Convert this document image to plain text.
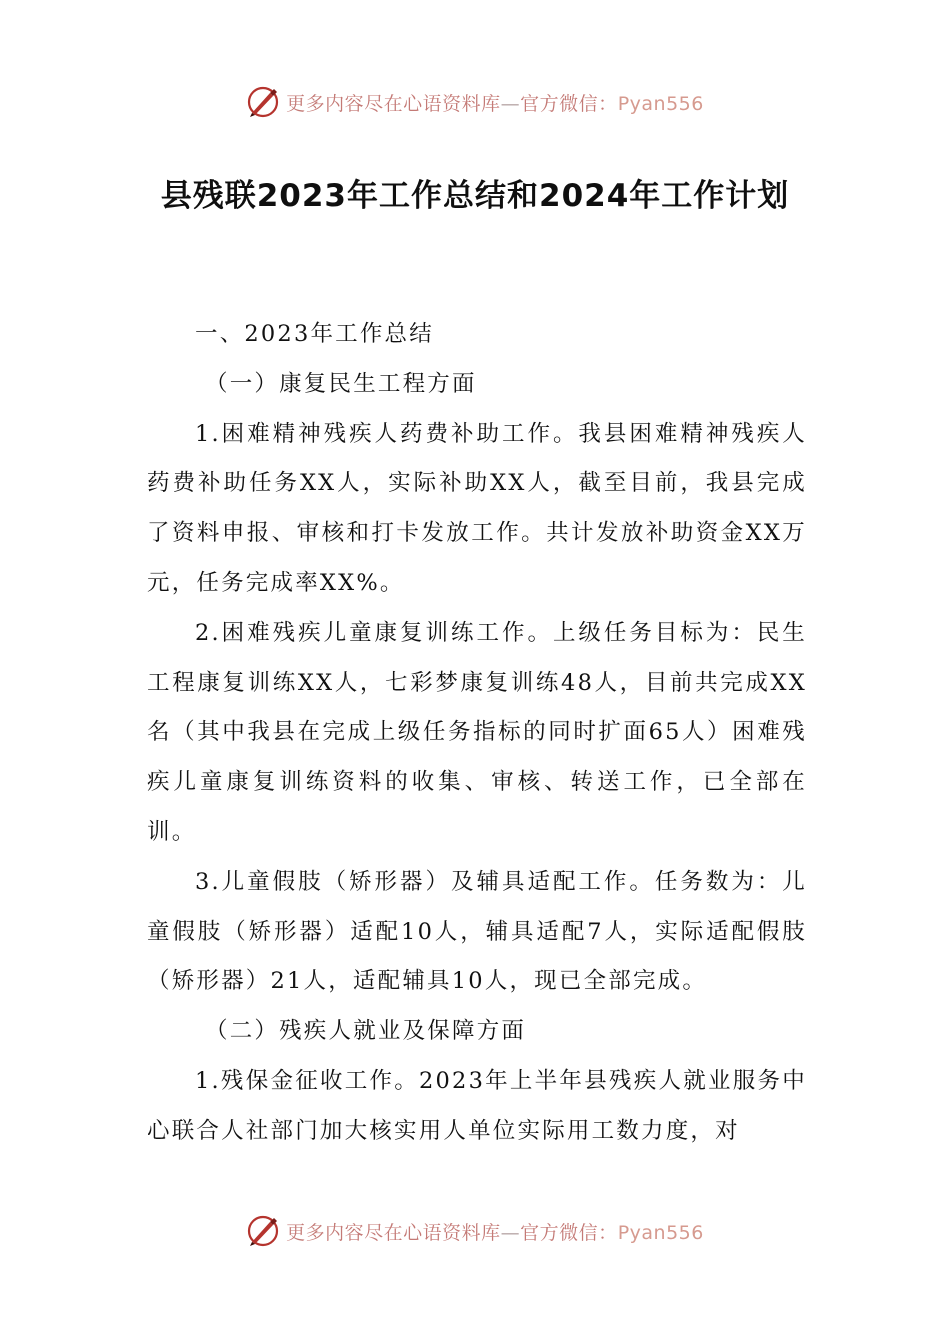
更多内容尽在心语资料库—官方微信：Pyan556
县残联2023年工作总结和2024年工作计划

一、2023年工作总结

（一）康复民生工程方面

1.困难精神残疾人药费补助工作。我县困难精神残疾人药费补助任务XX人，实际补助XX人，截至目前，我县完成了资料申报、审核和打卡发放工作。共计发放补助资金XX万元，任务完成率XX%。

2.困难残疾儿童康复训练工作。上级任务目标为：民生工程康复训练XX人，七彩梦康复训练48人，目前共完成XX名（其中我县在完成上级任务指标的同时扩面65人）困难残疾儿童康复训练资料的收集、审核、转送工作，已全部在训。

3.儿童假肢（矫形器）及辅具适配工作。任务数为：儿童假肢（矫形器）适配10人，辅具适配7人，实际适配假肢（矫形器）21人，适配辅具10人，现已全部完成。

（二）残疾人就业及保障方面

1.残保金征收工作。2023年上半年县残疾人就业服务中心联合人社部门加大核实用人单位实际用工数力度，对

更多内容尽在心语资料库—官方微信：Pyan556
